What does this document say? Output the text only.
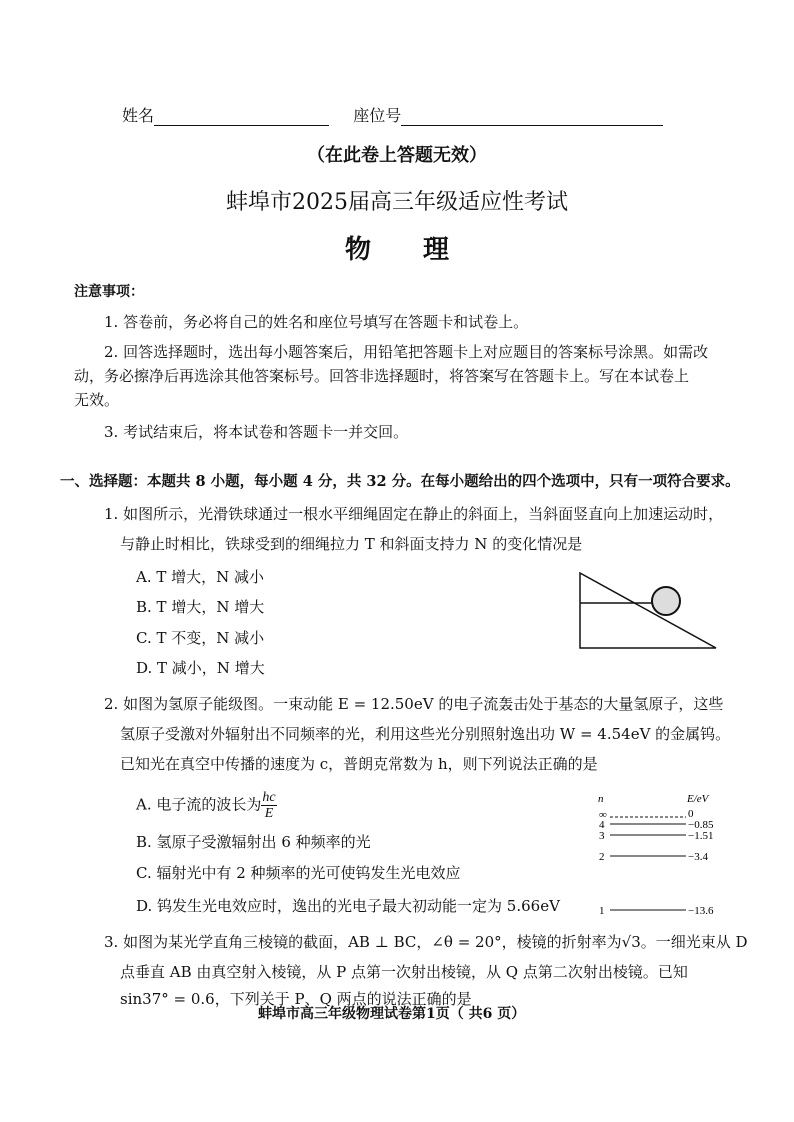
姓名	座位号
（在此卷上答题无效）
蚌埠市2025届高三年级适应性考试
物　　理
注意事项：
1. 答卷前，务必将自己的姓名和座位号填写在答题卡和试卷上。
2. 回答选择题时，选出每小题答案后，用铅笔把答题卡上对应题目的答案标号涂黑。如需改
动，务必擦净后再选涂其他答案标号。回答非选择题时，将答案写在答题卡上。写在本试卷上
无效。
3. 考试结束后，将本试卷和答题卡一并交回。
一、选择题：本题共 8 小题，每小题 4 分，共 32 分。在每小题给出的四个选项中，只有一项符合要求。
1. 如图所示，光滑铁球通过一根水平细绳固定在静止的斜面上，当斜面竖直向上加速运动时，
与静止时相比，铁球受到的细绳拉力 T 和斜面支持力 N 的变化情况是
A. T 增大，N 减小
B. T 增大，N 增大
C. T 不变，N 减小
D. T 减小，N 增大
2. 如图为氢原子能级图。一束动能 E = 12.50eV 的电子流轰击处于基态的大量氢原子，这些
氢原子受激对外辐射出不同频率的光，利用这些光分别照射逸出功 W = 4.54eV 的金属钨。
已知光在真空中传播的速度为 c，普朗克常数为 h，则下列说法正确的是
A. 电子流的波长为 $\frac{hc}{E}$
B. 氢原子受激辐射出 6 种频率的光
C. 辐射光中有 2 种频率的光可使钨发生光电效应
D. 钨发生光电效应时，逸出的光电子最大初动能一定为 5.66eV
n	E/eV
∞	0
4	−0.85
3	−1.51
2	−3.4
1	−13.6
3. 如图为某光学直角三棱镜的截面，AB ⊥ BC，∠θ = 20°，棱镜的折射率为√3。一细光束从 D
点垂直 AB 由真空射入棱镜，从 P 点第一次射出棱镜，从 Q 点第二次射出棱镜。已知
sin37° = 0.6，下列关于 P、Q 两点的说法正确的是
蚌埠市高三年级物理试卷第1页（ 共6 页）
